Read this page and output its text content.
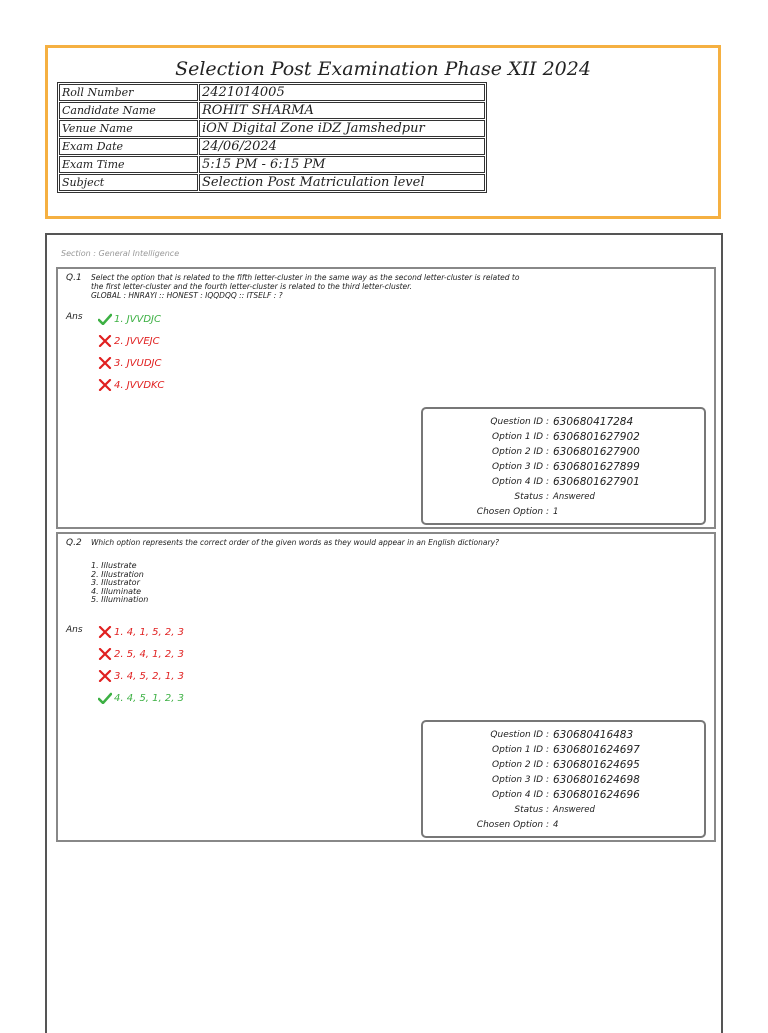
Selection Post Examination Phase XII 2024
Roll Number	2421014005
Candidate Name	ROHIT SHARMA
Venue Name	iON Digital Zone iDZ Jamshedpur
Exam Date	24/06/2024
Exam Time	5:15 PM - 6:15 PM
Subject	Selection Post Matriculation level
Section : General Intelligence
Q.1 Select the option that is related to the fifth letter-cluster in the same way as the second letter-cluster is related to
the first letter-cluster and the fourth letter-cluster is related to the third letter-cluster.
GLOBAL : HNRAYI :: HONEST : IQQDQQ :: ITSELF : ?
Ans	1. JVVDJC
2. JVVEJC
3. JVUDJC
4. JVVDKC
Question ID : 630680417284
Option 1 ID : 6306801627902
Option 2 ID : 6306801627900
Option 3 ID : 6306801627899
Option 4 ID : 6306801627901
Status : Answered
Chosen Option : 1
Q.2 Which option represents the correct order of the given words as they would appear in an English dictionary?
1. Illustrate
2. Illustration
3. Illustrator
4. Illuminate
5. Illumination
Ans	1. 4, 1, 5, 2, 3
2. 5, 4, 1, 2, 3
3. 4, 5, 2, 1, 3
4. 4, 5, 1, 2, 3
Question ID : 630680416483
Option 1 ID : 6306801624697
Option 2 ID : 6306801624695
Option 3 ID : 6306801624698
Option 4 ID : 6306801624696
Status : Answered
Chosen Option : 4
